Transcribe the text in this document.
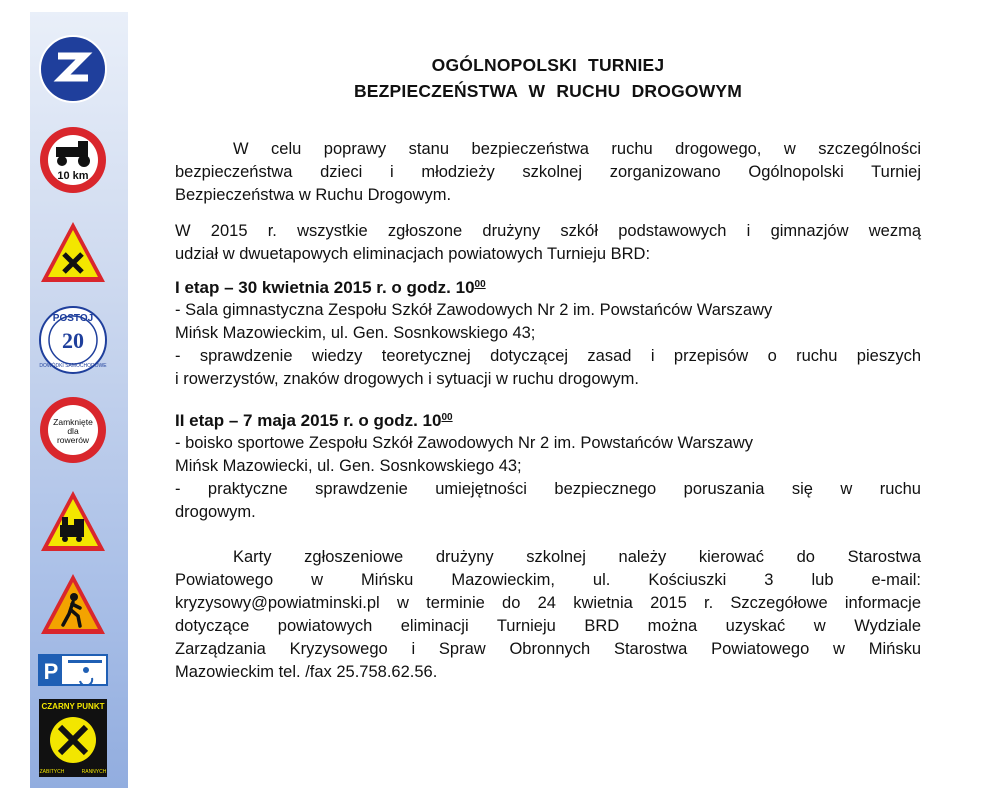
10 km
POSTOJ
20
DOWÓDKI SAMOCHODOWE
Zamknięte
dla
rowerów
P
CZARNY PUNKT
ZABITYCH	RANNYCH
OGÓLNOPOLSKI TURNIEJ
BEZPIECZEŃSTWA W RUCHU DROGOWYM

W celu poprawy stanu bezpieczeństwa ruchu drogowego, w szczególności

bezpieczeństwa dzieci i młodzieży szkolnej zorganizowano Ogólnopolski Turniej

Bezpieczeństwa w Ruchu Drogowym.

W 2015 r. wszystkie zgłoszone drużyny szkół podstawowych i gimnazjów wezmą

udział w dwuetapowych eliminacjach powiatowych Turnieju BRD:

I etap – 30 kwietnia 2015 r. o godz. $10^{00}$

- Sala gimnastyczna Zespołu Szkół Zawodowych Nr 2 im. Powstańców Warszawy

Mińsk Mazowieckim, ul. Gen. Sosnkowskiego 43;

- sprawdzenie wiedzy teoretycznej dotyczącej zasad i przepisów o ruchu pieszych

i rowerzystów, znaków drogowych i sytuacji w ruchu drogowym.

II etap – 7 maja 2015 r. o godz. $10^{00}$

- boisko sportowe Zespołu Szkół Zawodowych Nr 2 im. Powstańców Warszawy

Mińsk Mazowiecki, ul. Gen. Sosnkowskiego 43;

- praktyczne sprawdzenie umiejętności bezpiecznego poruszania się w ruchu

drogowym.

Karty zgłoszeniowe drużyny szkolnej należy kierować do Starostwa

Powiatowego w Mińsku Mazowieckim, ul. Kościuszki 3 lub e-mail:

kryzysowy@powiatminski.pl w terminie do 24 kwietnia 2015 r. Szczegółowe informacje

dotyczące powiatowych eliminacji Turnieju BRD można uzyskać w Wydziale

Zarządzania Kryzysowego i Spraw Obronnych Starostwa Powiatowego w Mińsku

Mazowieckim tel. /fax 25.758.62.56.
